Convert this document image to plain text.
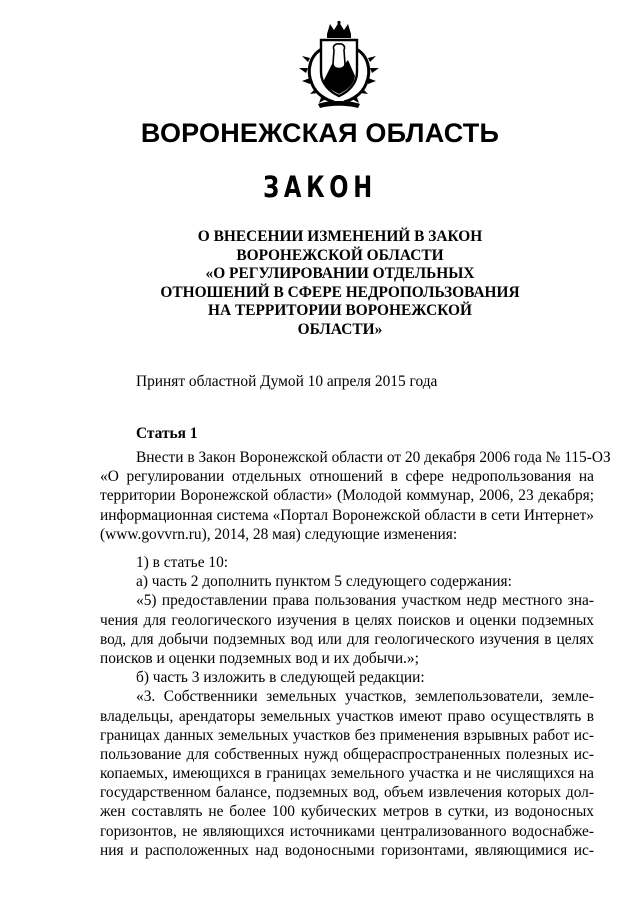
ВОРОНЕЖСКАЯ ОБЛАСТЬ
ЗАКОН
О ВНЕСЕНИИ ИЗМЕНЕНИЙ В ЗАКОН
ВОРОНЕЖСКОЙ ОБЛАСТИ
«О РЕГУЛИРОВАНИИ ОТДЕЛЬНЫХ
ОТНОШЕНИЙ В СФЕРЕ НЕДРОПОЛЬЗОВАНИЯ
НА ТЕРРИТОРИИ ВОРОНЕЖСКОЙ
ОБЛАСТИ»
Принят областной Думой 10 апреля 2015 года
Статья 1
Внести в Закон Воронежской области от 20 декабря 2006 года № 115-ОЗ
«О регулировании отдельных отношений в сфере недропользования на
территории Воронежской области» (Молодой коммунар, 2006, 23 декабря;
информационная система «Портал Воронежской области в сети Интернет»
(www.govvrn.ru), 2014, 28 мая) следующие изменения:
1) в статье 10:
а) часть 2 дополнить пунктом 5 следующего содержания:
«5) предоставлении права пользования участком недр местного зна-
чения для геологического изучения в целях поисков и оценки подземных
вод, для добычи подземных вод или для геологического изучения в целях
поисков и оценки подземных вод и их добычи.»;
б) часть 3 изложить в следующей редакции:
«3. Собственники земельных участков, землепользователи, земле-
владельцы, арендаторы земельных участков имеют право осуществлять в
границах данных земельных участков без применения взрывных работ ис-
пользование для собственных нужд общераспространенных полезных ис-
копаемых, имеющихся в границах земельного участка и не числящихся на
государственном балансе, подземных вод, объем извлечения которых дол-
жен составлять не более 100 кубических метров в сутки, из водоносных
горизонтов, не являющихся источниками централизованного водоснабже-
ния и расположенных над водоносными горизонтами, являющимися ис-
